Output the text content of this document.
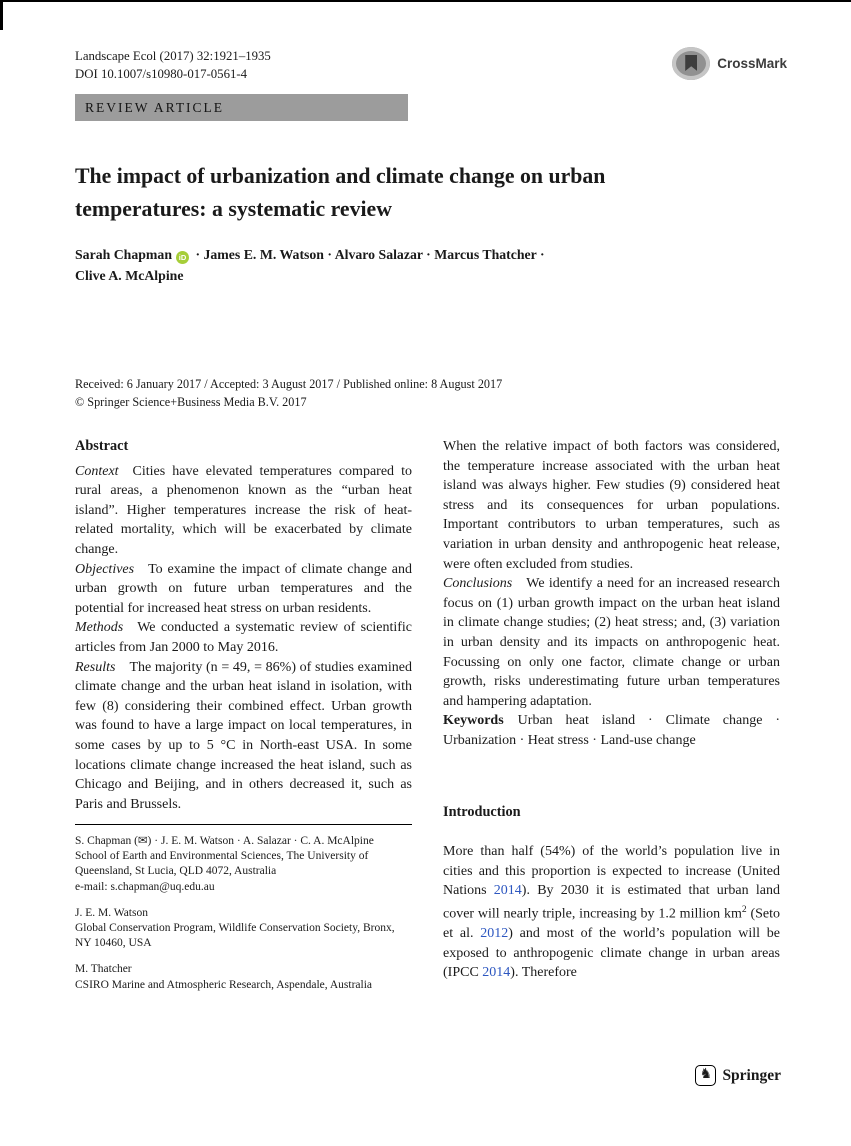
Landscape Ecol (2017) 32:1921–1935
DOI 10.1007/s10980-017-0561-4
CrossMark
REVIEW ARTICLE
The impact of urbanization and climate change on urban temperatures: a systematic review
Sarah Chapman iD · James E. M. Watson · Alvaro Salazar · Marcus Thatcher ·
Clive A. McAlpine
Received: 6 January 2017 / Accepted: 3 August 2017 / Published online: 8 August 2017
© Springer Science+Business Media B.V. 2017
Abstract

Context Cities have elevated temperatures compared to rural areas, a phenomenon known as the “urban heat island”. Higher temperatures increase the risk of heat-related mortality, which will be exacerbated by climate change.

Objectives To examine the impact of climate change and urban growth on future urban temperatures and the potential for increased heat stress on urban residents.

Methods We conducted a systematic review of scientific articles from Jan 2000 to May 2016.

Results The majority (n = 49, = 86%) of studies examined climate change and the urban heat island in isolation, with few (8) considering their combined effect. Urban growth was found to have a large impact on local temperatures, in some cases by up to 5 °C in North-east USA. In some locations climate change increased the heat island, such as Chicago and Beijing, and in others decreased it, such as Paris and Brussels.

When the relative impact of both factors was considered, the temperature increase associated with the urban heat island was always higher. Few studies (9) considered heat stress and its consequences for urban populations. Important contributors to urban temperatures, such as variation in urban density and anthropogenic heat release, were often excluded from studies.

Conclusions We identify a need for an increased research focus on (1) urban growth impact on the urban heat island in climate change studies; (2) heat stress; and, (3) variation in urban density and its impacts on anthropogenic heat. Focussing on only one factor, climate change or urban growth, risks underestimating future urban temperatures and hampering adaptation.

Keywords Urban heat island · Climate change · Urbanization · Heat stress · Land-use change

Introduction

More than half (54%) of the world’s population live in cities and this proportion is expected to increase (United Nations 2014). By 2030 it is estimated that urban land cover will nearly triple, increasing by 1.2 million $km^2$ (Seto et al. 2012) and most of the world’s population will be exposed to anthropogenic climate change in urban areas (IPCC 2014). Therefore

S. Chapman (✉) · J. E. M. Watson · A. Salazar · C. A. McAlpine
School of Earth and Environmental Sciences, The University of Queensland, St Lucia, QLD 4072, Australia
e-mail: s.chapman@uq.edu.au
J. E. M. Watson
Global Conservation Program, Wildlife Conservation Society, Bronx, NY 10460, USA
M. Thatcher
CSIRO Marine and Atmospheric Research, Aspendale, Australia
♞ Springer
